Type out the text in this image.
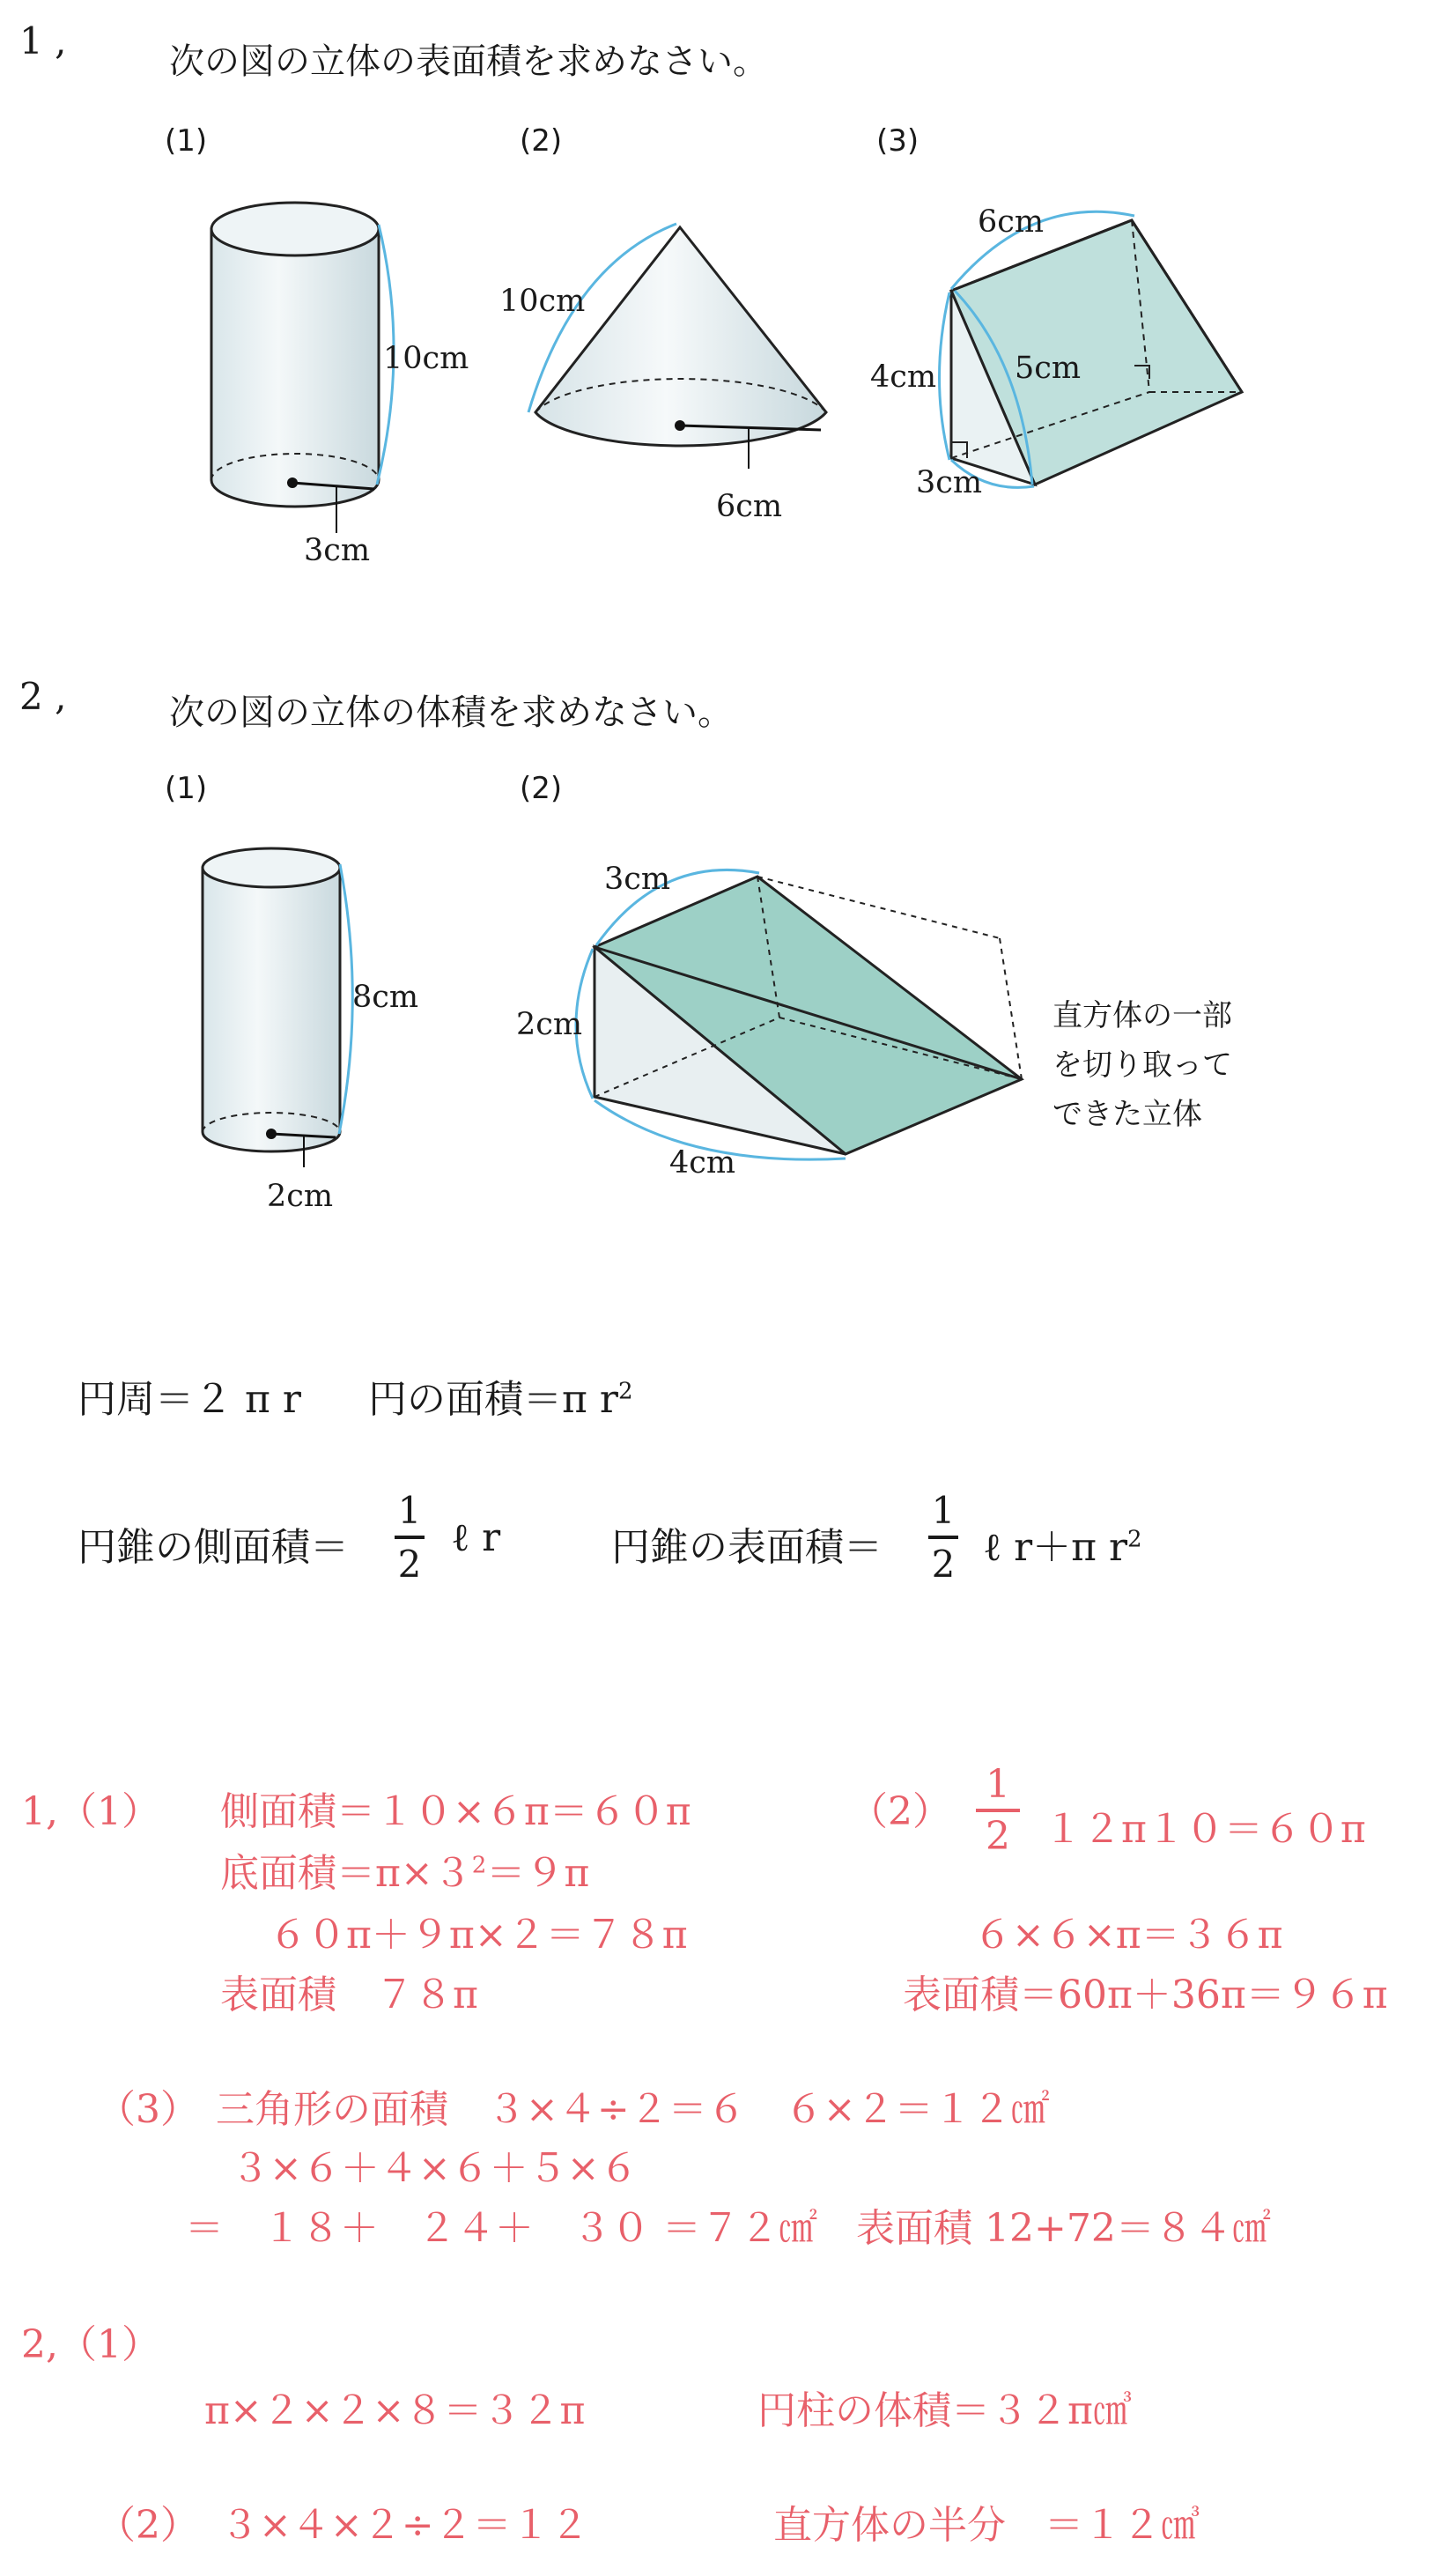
1 ,	次の図の立体の表面積を求めなさい。
(1)	(2)	(3)
10cm
3cm
10cm
6cm
6cm
4cm	5cm
3cm
2 ,	次の図の立体の体積を求めなさい。
(1)	(2)
8cm
2cm
3cm
2cm
4cm
直方体の一部
を切り取って
できた立体
円周＝２ π r 円の面積＝π $r^2$
円錐の側面積＝
1
2
ℓ r	円錐の表面積＝
1
2 ℓ r＋π $r^2$
1,（1） 側面積＝１０×６π＝６０π
底面積$=\pi\times 3^2=9\pi$
６０π＋９π×２＝７８π
表面積　７８π
（2）
1
2 １２π１０＝６０π
６×６×π＝３６π
表面積＝60π＋36π＝９６π
（3） 三角形の面積　３×４÷２＝６　６×２＝１２㎠
３×６＋４×６＋５×６
＝　１８＋　２４＋　３０ ＝７２㎠　表面積 12+72＝８４㎠
2,（1）
π×２×２×８＝３２π	円柱の体積＝３２π㎤
（2） ３×４×２÷２＝１２	直方体の半分　＝１２㎤
